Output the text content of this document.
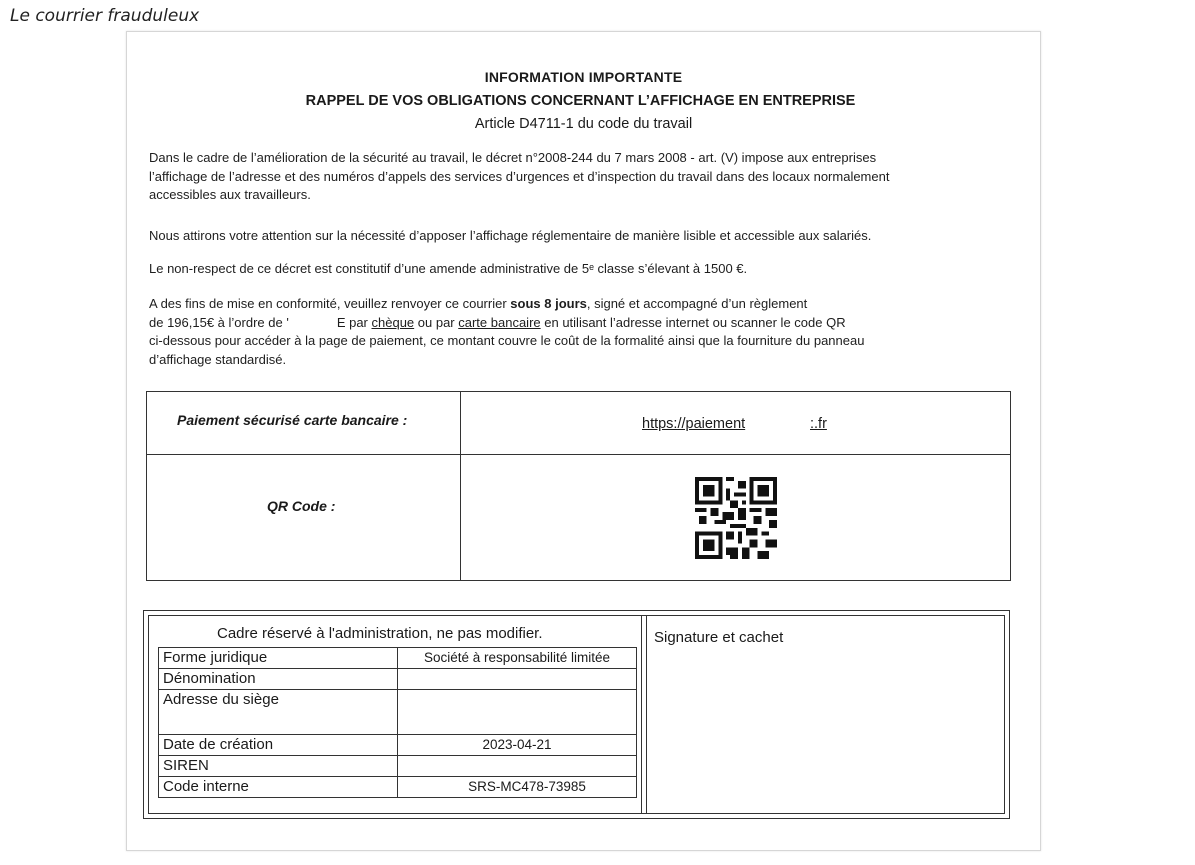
Le courrier frauduleux
INFORMATION IMPORTANTE
RAPPEL DE VOS OBLIGATIONS CONCERNANT L’AFFICHAGE EN ENTREPRISE
Article D4711-1 du code du travail
Dans le cadre de l’amélioration de la sécurité au travail, le décret n°2008-244 du 7 mars 2008 - art. (V) impose aux entreprises
l’affichage de l’adresse et des numéros d’appels des services d’urgences et d’inspection du travail dans des locaux normalement
accessibles aux travailleurs.
Nous attirons votre attention sur la nécessité d’apposer l’affichage réglementaire de manière lisible et accessible aux salariés.
Le non-respect de ce décret est constitutif d’une amende administrative de 5ᵉ classe s’élevant à 1500 €.
A des fins de mise en conformité, veuillez renvoyer ce courrier sous 8 jours, signé et accompagné d’un règlement
de 196,15€ à l’ordre de '	E par chèque ou par carte bancaire en utilisant l’adresse internet ou scanner le code QR
ci-dessous pour accéder à la page de paiement, ce montant couvre le coût de la formalité ainsi que la fourniture du panneau
d’affichage standardisé.
Paiement sécurisé carte bancaire :	https://paiement	:.fr
QR Code :
Cadre réservé à l'administration, ne pas modifier.	Signature et cachet
Forme juridique	Société à responsabilité limitée
Dénomination	
Adresse du siège	
Date de création	2023-04-21
SIREN	
Code interne	SRS-MC478-73985
